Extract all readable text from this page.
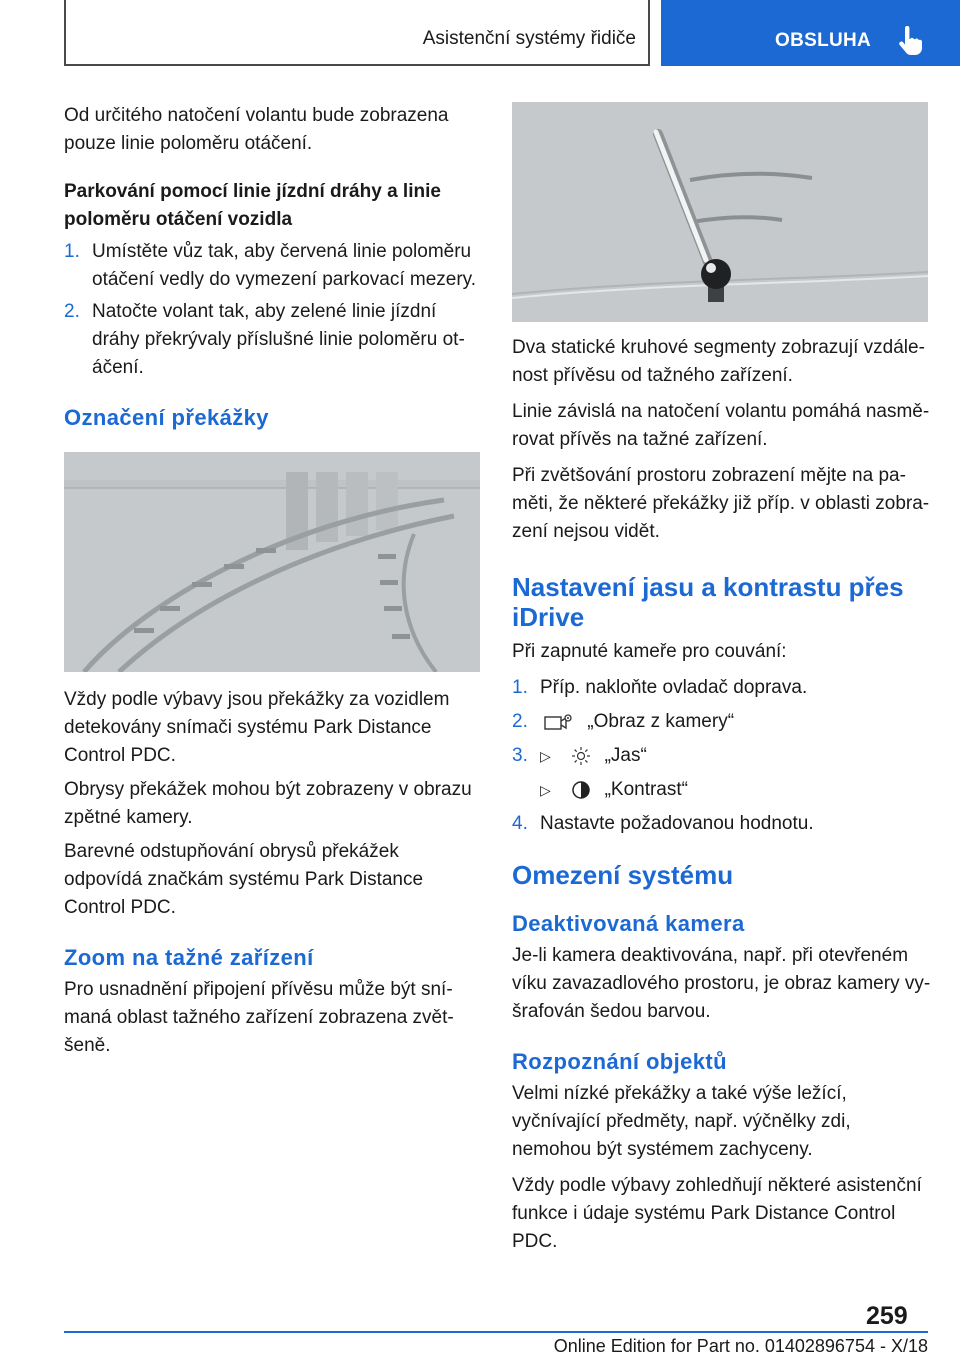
Asistenční systémy řidiče	OBSLUHA

Od určitého natočení volantu bude zobrazena pouze linie poloměru otáčení.

Parkování pomocí linie jízdní dráhy a linie poloměru otáčení vozidla
1. Umístěte vůz tak, aby červená linie poloměru otáčení vedly do vymezení parkovací mezery.
2. Natočte volant tak, aby zelené linie jízdní dráhy překrývaly příslušné linie poloměru otáčení.
Označení překážky

Vždy podle výbavy jsou překážky za vozidlem detekovány snímači systému Park Distance Control PDC.

Obrysy překážek mohou být zobrazeny v obrazu zpětné kamery.

Barevné odstupňování obrysů překážek odpovídá značkám systému Park Distance Control PDC.

Zoom na tažné zařízení

Pro usnadnění připojení přívěsu může být snímaná oblast tažného zařízení zobrazena zvětšeně.

Dva statické kruhové segmenty zobrazují vzdálenost přívěsu od tažného zařízení.

Linie závislá na natočení volantu pomáhá nasměrovat přívěs na tažné zařízení.

Při zvětšování prostoru zobrazení mějte na paměti, že některé překážky již příp. v oblasti zobrazení nejsou vidět.

Nastavení jasu a kontrastu přes iDrive

Při zapnuté kameře pro couvání:

1. Příp. nakloňte ovladač doprava.
2.	„Obraz z kamery“
3. ▷	„Jas“
▷	„Kontrast“
4. Nastavte požadovanou hodnotu.
Omezení systému
Deaktivovaná kamera

Je-li kamera deaktivována, např. při otevřeném víku zavazadlového prostoru, je obraz kamery vyšrafován šedou barvou.

Rozpoznání objektů

Velmi nízké překážky a také výše ležící, vyčnívající předměty, např. výčnělky zdi, nemohou být systémem zachyceny.

Vždy podle výbavy zohledňují některé asistenční funkce i údaje systému Park Distance Control PDC.

259
Online Edition for Part no. 01402896754 - X/18
